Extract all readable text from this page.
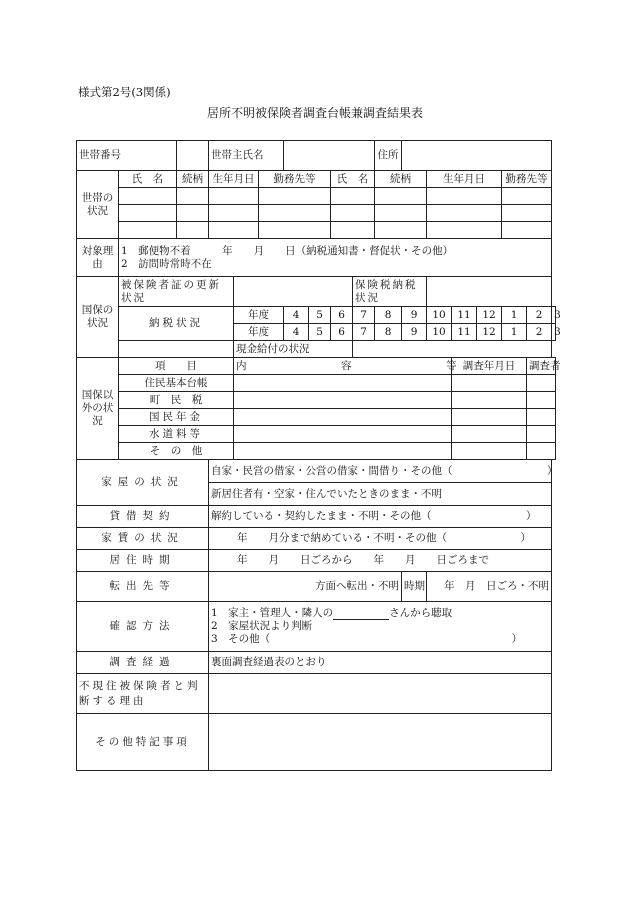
様式第2号(3関係)
居所不明被保険者調査台帳兼調査結果表
世帯番号			世帯主氏名							住所							
世帯の状況	氏　名	続柄	生年月日		勤務先等			氏　名		続柄		生年月日			勤務先等		

対象理由	1　郵便物不着　　　年　　月　　日（納税通知書・督促状・その他）
2　訪問時常時不在																

国保の状況	被保険者証の更新状況								保険税納税状況								
	納税状況			年度		4	5	6	7	8	9	10	11	12	1	2	3
				年度		4	5	6	7	8	9	10	11	12	1	2	3
				現金給付の状況													
国保以外の状況	項　　目			内　　　　　　　　　容　　　　　　　　　等									調査年月日			調査者	
	住民基本台帳																
	町　民　税																
	国民年金																
	水道料等																
	そ　の　他																
家屋の状況			自家・民営の借家・公営の借家・間借り・その他（　　　　　　　　　）														
			新居住者有・空家・住んでいたときのまま・不明														
貸借契約			解約している・契約したまま・不明・その他（　　　　　　　　　）														
家賃の状況			年　　月分まで納めている・不明・その他（　　　　　　　）														
居住時期			年　　月　　日ごろから　　年　　月　　日ごろまで														
転出先等			方面へ転出・不明								時期	年　月　日ごろ・不明					
確認方法			1　家主・管理人・隣人の さんから聴取
2　家屋状況より判断
3　その他（　　　　　　　　　　　　　　　　　　　　　　　）														

調査経過			裏面調査経過表のとおり														
不現住被保険者と判断する理由																	
その他特記事項																	
